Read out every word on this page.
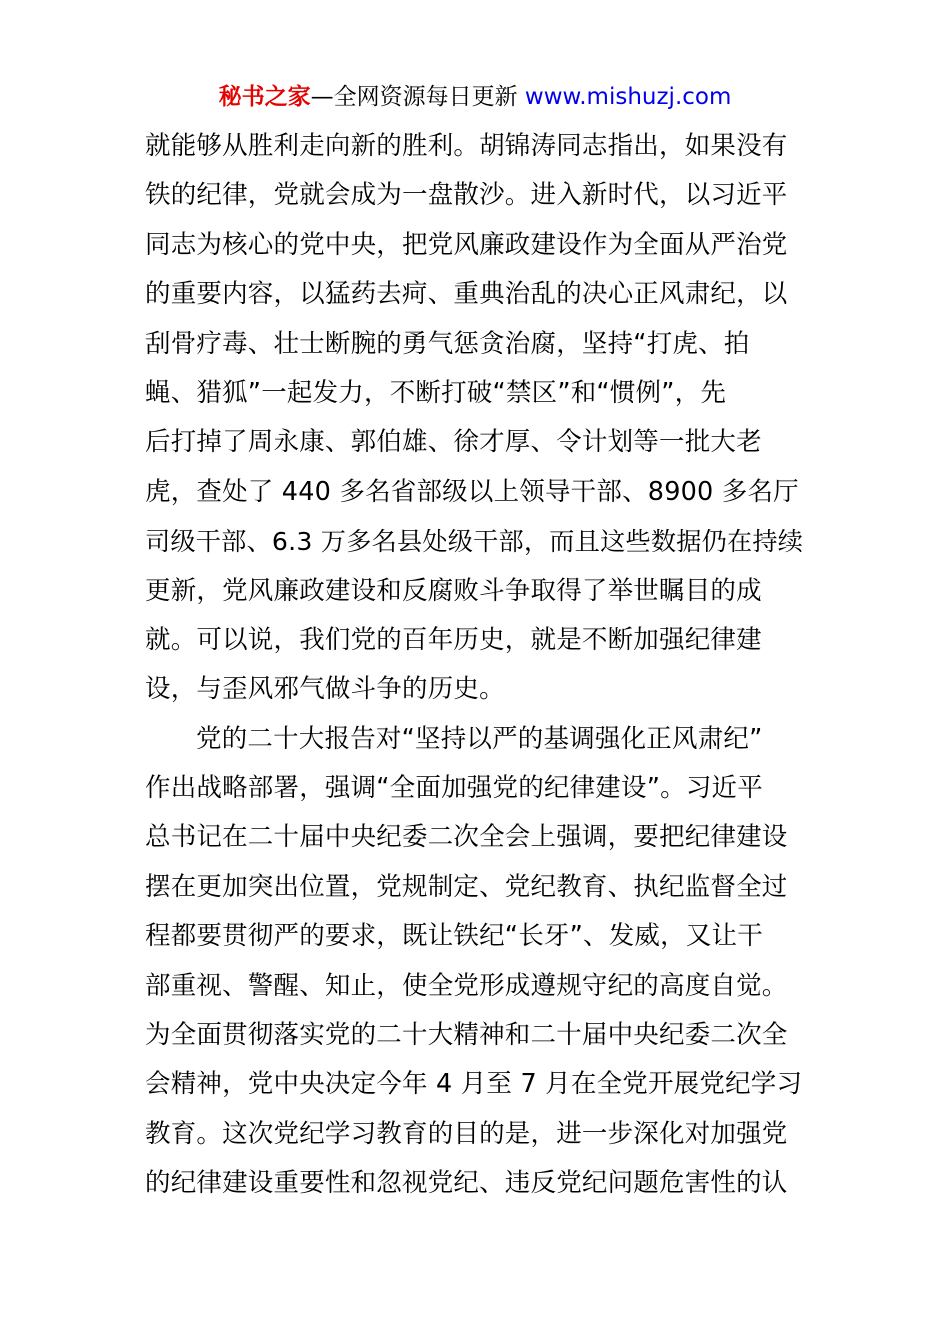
秘书之家—全网资源每日更新 www.mishuzj.com
就能够从胜利走向新的胜利。胡锦涛同志指出，如果没有
铁的纪律，党就会成为一盘散沙。进入新时代，以习近平
同志为核心的党中央，把党风廉政建设作为全面从严治党
的重要内容，以猛药去疴、重典治乱的决心正风肃纪，以
刮骨疗毒、壮士断腕的勇气惩贪治腐，坚持“打虎、拍
蝇、猎狐”一起发力，不断打破“禁区”和“惯例”，先
后打掉了周永康、郭伯雄、徐才厚、令计划等一批大老
虎，查处了 440 多名省部级以上领导干部、8900 多名厅
司级干部、6.3 万多名县处级干部，而且这些数据仍在持续
更新，党风廉政建设和反腐败斗争取得了举世瞩目的成
就。可以说，我们党的百年历史，就是不断加强纪律建
设，与歪风邪气做斗争的历史。
党的二十大报告对“坚持以严的基调强化正风肃纪”
作出战略部署，强调“全面加强党的纪律建设”。习近平
总书记在二十届中央纪委二次全会上强调，要把纪律建设
摆在更加突出位置，党规制定、党纪教育、执纪监督全过
程都要贯彻严的要求，既让铁纪“长牙”、发威，又让干
部重视、警醒、知止，使全党形成遵规守纪的高度自觉。
为全面贯彻落实党的二十大精神和二十届中央纪委二次全
会精神，党中央决定今年 4 月至 7 月在全党开展党纪学习
教育。这次党纪学习教育的目的是，进一步深化对加强党
的纪律建设重要性和忽视党纪、违反党纪问题危害性的认
